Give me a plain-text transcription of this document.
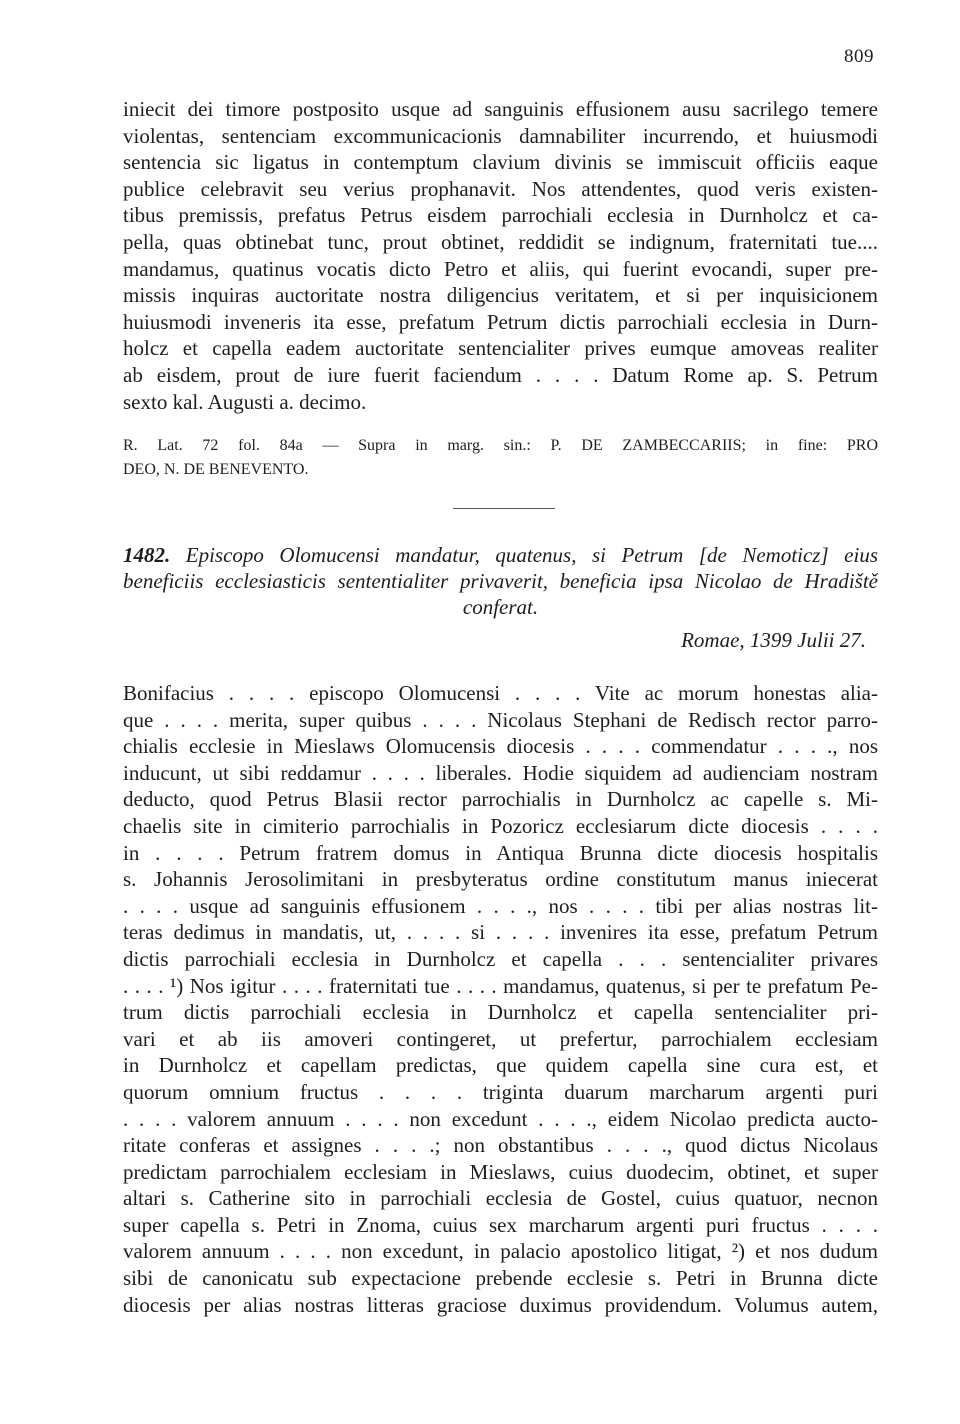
809
iniecit dei timore postposito usque ad sanguinis effusionem ausu sacrilego temere
violentas, sentenciam excommunicacionis damnabiliter incurrendo, et huiusmodi
sentencia sic ligatus in contemptum clavium divinis se immiscuit officiis eaque
publice celebravit seu verius prophanavit. Nos attendentes, quod veris existen-
tibus premissis, prefatus Petrus eisdem parrochiali ecclesia in Durnholcz et ca-
pella, quas obtinebat tunc, prout obtinet, reddidit se indignum, fraternitati tue....
mandamus, quatinus vocatis dicto Petro et aliis, qui fuerint evocandi, super pre-
missis inquiras auctoritate nostra diligencius veritatem, et si per inquisicionem
huiusmodi inveneris ita esse, prefatum Petrum dictis parrochiali ecclesia in Durn-
holcz et capella eadem auctoritate sentencialiter prives eumque amoveas realiter
ab eisdem, prout de iure fuerit faciendum . . . . Datum Rome ap. S. Petrum
sexto kal. Augusti a. decimo.
R. Lat. 72 fol. 84a — Supra in marg. sin.: P. DE ZAMBECCARIIS; in fine: PRO
DEO, N. DE BENEVENTO.
1482. Episcopo Olomucensi mandatur, quatenus, si Petrum [de Nemoticz] eius
beneficiis ecclesiasticis sententialiter privaverit, beneficia ipsa Nicolao de Hradiště
conferat.
Romae, 1399 Julii 27.
Bonifacius . . . . episcopo Olomucensi . . . . Vite ac morum honestas alia-
que . . . . merita, super quibus . . . . Nicolaus Stephani de Redisch rector parro-
chialis ecclesie in Mieslaws Olomucensis diocesis . . . . commendatur . . . ., nos
inducunt, ut sibi reddamur . . . . liberales. Hodie siquidem ad audienciam nostram
deducto, quod Petrus Blasii rector parrochialis in Durnholcz ac capelle s. Mi-
chaelis site in cimiterio parrochialis in Pozoricz ecclesiarum dicte diocesis . . . .
in . . . . Petrum fratrem domus in Antiqua Brunna dicte diocesis hospitalis
s. Johannis Jerosolimitani in presbyteratus ordine constitutum manus iniecerat
. . . . usque ad sanguinis effusionem . . . ., nos . . . . tibi per alias nostras lit-
teras dedimus in mandatis, ut, . . . . si . . . . invenires ita esse, prefatum Petrum
dictis parrochiali ecclesia in Durnholcz et capella . . . sentencialiter privares
. . . . ¹) Nos igitur . . . . fraternitati tue . . . . mandamus, quatenus, si per te prefatum Pe-
trum dictis parrochiali ecclesia in Durnholcz et capella sentencialiter pri-
vari et ab iis amoveri contingeret, ut prefertur, parrochialem ecclesiam
in Durnholcz et capellam predictas, que quidem capella sine cura est, et
quorum omnium fructus . . . . triginta duarum marcharum argenti puri
. . . . valorem annuum . . . . non excedunt . . . ., eidem Nicolao predicta aucto-
ritate conferas et assignes . . . .; non obstantibus . . . ., quod dictus Nicolaus
predictam parrochialem ecclesiam in Mieslaws, cuius duodecim, obtinet, et super
altari s. Catherine sito in parrochiali ecclesia de Gostel, cuius quatuor, necnon
super capella s. Petri in Znoma, cuius sex marcharum argenti puri fructus . . . .
valorem annuum . . . . non excedunt, in palacio apostolico litigat, ²) et nos dudum
sibi de canonicatu sub expectacione prebende ecclesie s. Petri in Brunna dicte
diocesis per alias nostras litteras graciose duximus providendum. Volumus autem,
